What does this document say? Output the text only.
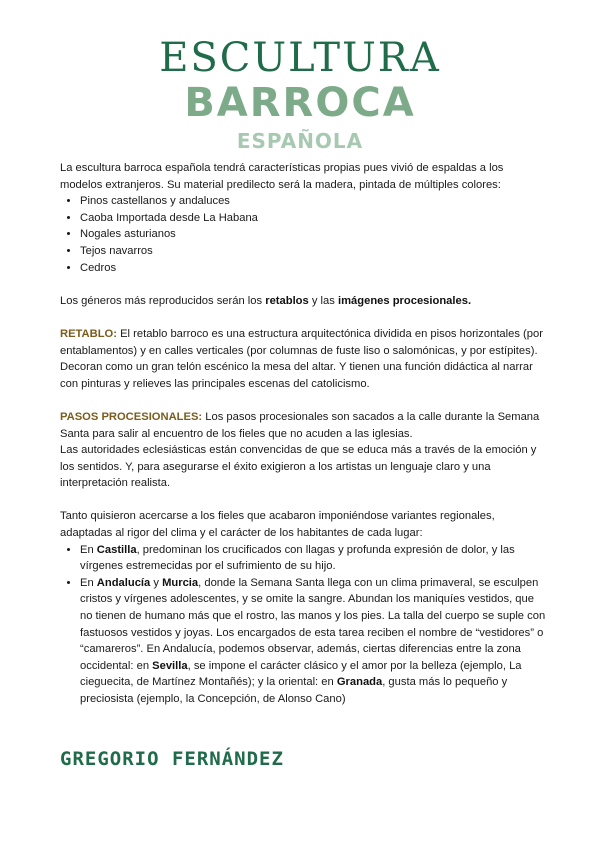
ESCULTURA
BARROCA
ESPAÑOLA

La escultura barroca española tendrá características propias pues vivió de espaldas a los modelos extranjeros. Su material predilecto será la madera, pintada de múltiples colores:

• Pinos castellanos y andaluces
• Caoba Importada desde La Habana
• Nogales asturianos
• Tejos navarros
• Cedros

Los géneros más reproducidos serán los retablos y las imágenes procesionales.

RETABLO: El retablo barroco es una estructura arquitectónica dividida en pisos horizontales (por entablamentos) y en calles verticales (por columnas de fuste liso o salomónicas, y por estípites).

Decoran como un gran telón escénico la mesa del altar. Y tienen una función didáctica al narrar con pinturas y relieves las principales escenas del catolicismo.

PASOS PROCESIONALES: Los pasos procesionales son sacados a la calle durante la Semana Santa para salir al encuentro de los fieles que no acuden a las iglesias.

Las autoridades eclesiásticas están convencidas de que se educa más a través de la emoción y los sentidos. Y, para asegurarse el éxito exigieron a los artistas un lenguaje claro y una interpretación realista.

Tanto quisieron acercarse a los fieles que acabaron imponiéndose variantes regionales, adaptadas al rigor del clima y el carácter de los habitantes de cada lugar:

• En Castilla, predominan los crucificados con llagas y profunda expresión de dolor, y las vírgenes estremecidas por el sufrimiento de su hijo.
• En Andalucía y Murcia, donde la Semana Santa llega con un clima primaveral, se esculpen cristos y vírgenes adolescentes, y se omite la sangre. Abundan los maniquíes vestidos, que no tienen de humano más que el rostro, las manos y los pies. La talla del cuerpo se suple con fastuosos vestidos y joyas. Los encargados de esta tarea reciben el nombre de “vestidores” o “camareros”. En Andalucía, podemos observar, además, ciertas diferencias entre la zona occidental: en Sevilla, se impone el carácter clásico y el amor por la belleza (ejemplo, La cieguecita, de Martínez Montañés); y la oriental: en Granada, gusta más lo pequeño y preciosista (ejemplo, la Concepción, de Alonso Cano)
GREGORIO FERNÁNDEZ
